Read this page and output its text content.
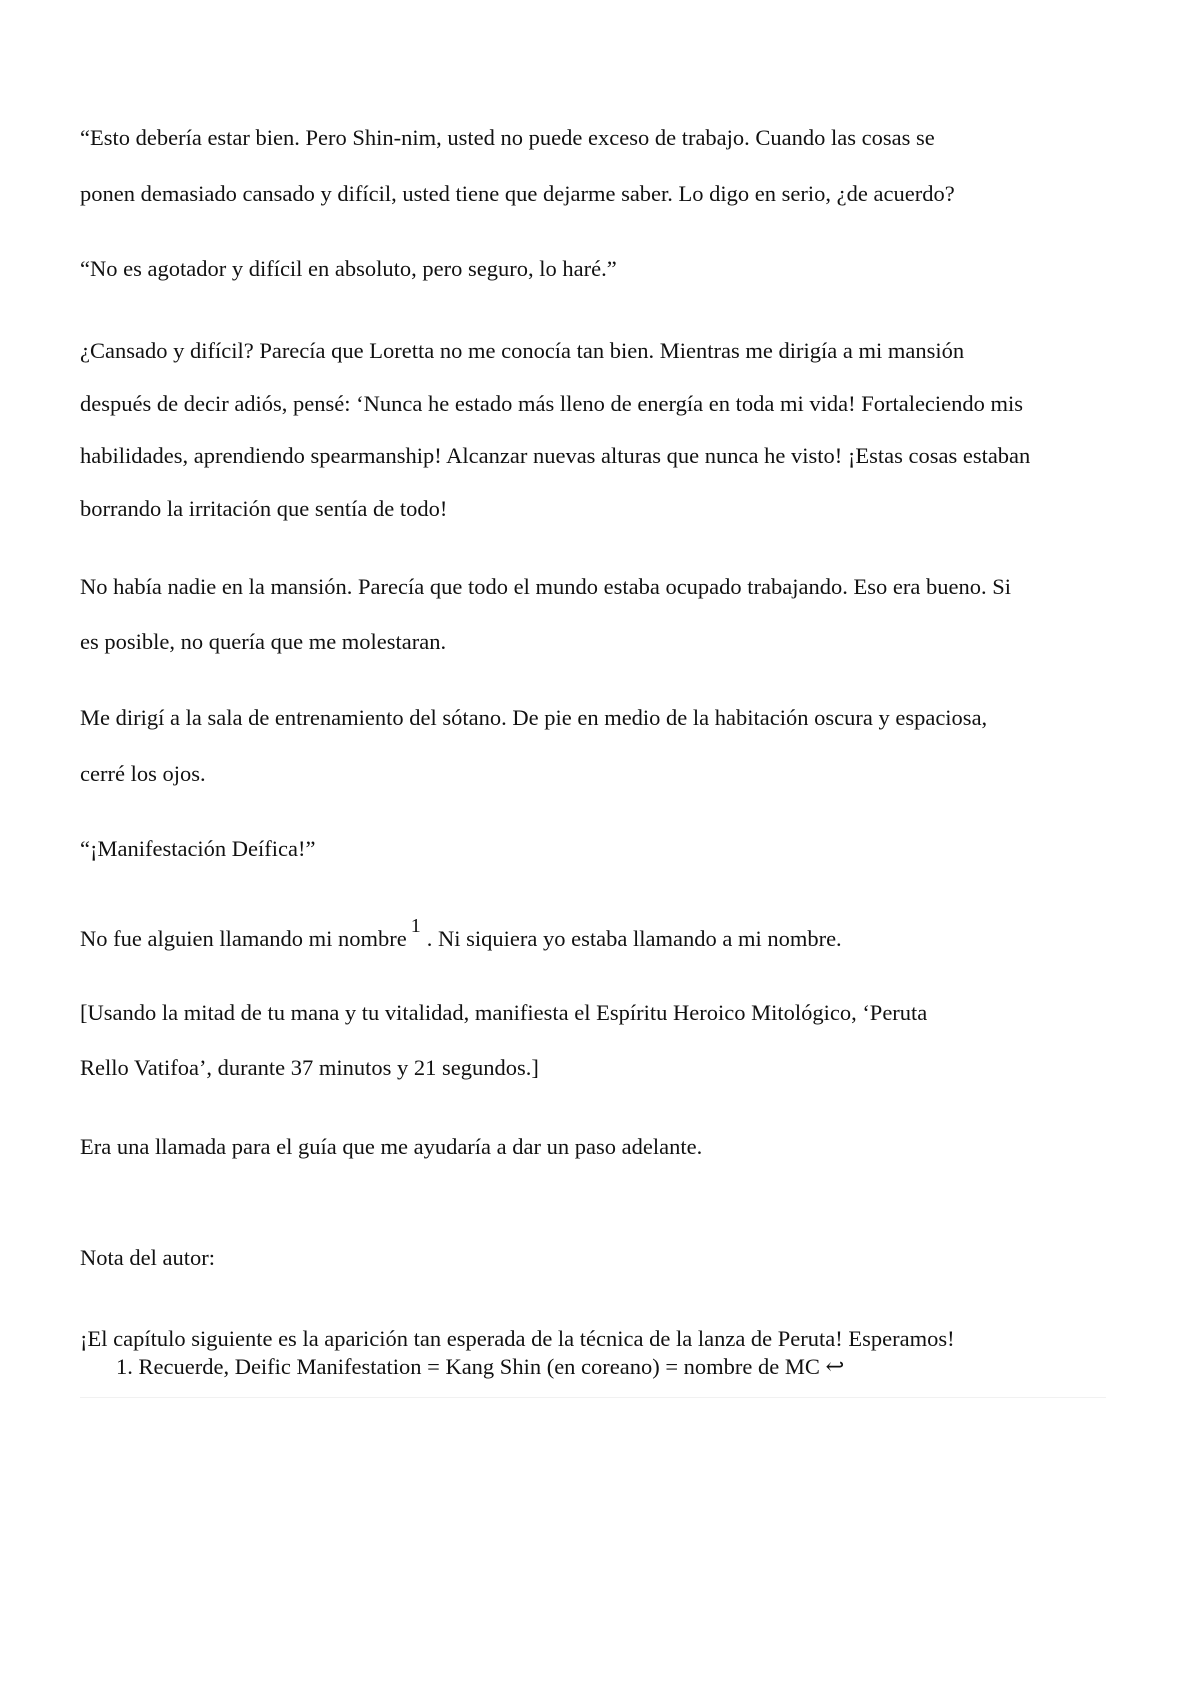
“Esto debería estar bien. Pero Shin-nim, usted no puede exceso de trabajo. Cuando las cosas se
ponen demasiado cansado y difícil, usted tiene que dejarme saber. Lo digo en serio, ¿de acuerdo?
“No es agotador y difícil en absoluto, pero seguro, lo haré.”
¿Cansado y difícil? Parecía que Loretta no me conocía tan bien. Mientras me dirigía a mi mansión
después de decir adiós, pensé: ‘Nunca he estado más lleno de energía en toda mi vida! Fortaleciendo mis
habilidades, aprendiendo spearmanship! Alcanzar nuevas alturas que nunca he visto! ¡Estas cosas estaban
borrando la irritación que sentía de todo!
No había nadie en la mansión. Parecía que todo el mundo estaba ocupado trabajando. Eso era bueno. Si
es posible, no quería que me molestaran.
Me dirigí a la sala de entrenamiento del sótano. De pie en medio de la habitación oscura y espaciosa,
cerré los ojos.
“¡Manifestación Deífica!”
No fue alguien llamando mi nombre 1 . Ni siquiera yo estaba llamando a mi nombre.
[Usando la mitad de tu mana y tu vitalidad, manifiesta el Espíritu Heroico Mitológico, ‘Peruta
Rello Vatifoa’, durante 37 minutos y 21 segundos.]
Era una llamada para el guía que me ayudaría a dar un paso adelante.
Nota del autor:
¡El capítulo siguiente es la aparición tan esperada de la técnica de la lanza de Peruta! Esperamos!
1. Recuerde, Deific Manifestation = Kang Shin (en coreano) = nombre de MC ↩
